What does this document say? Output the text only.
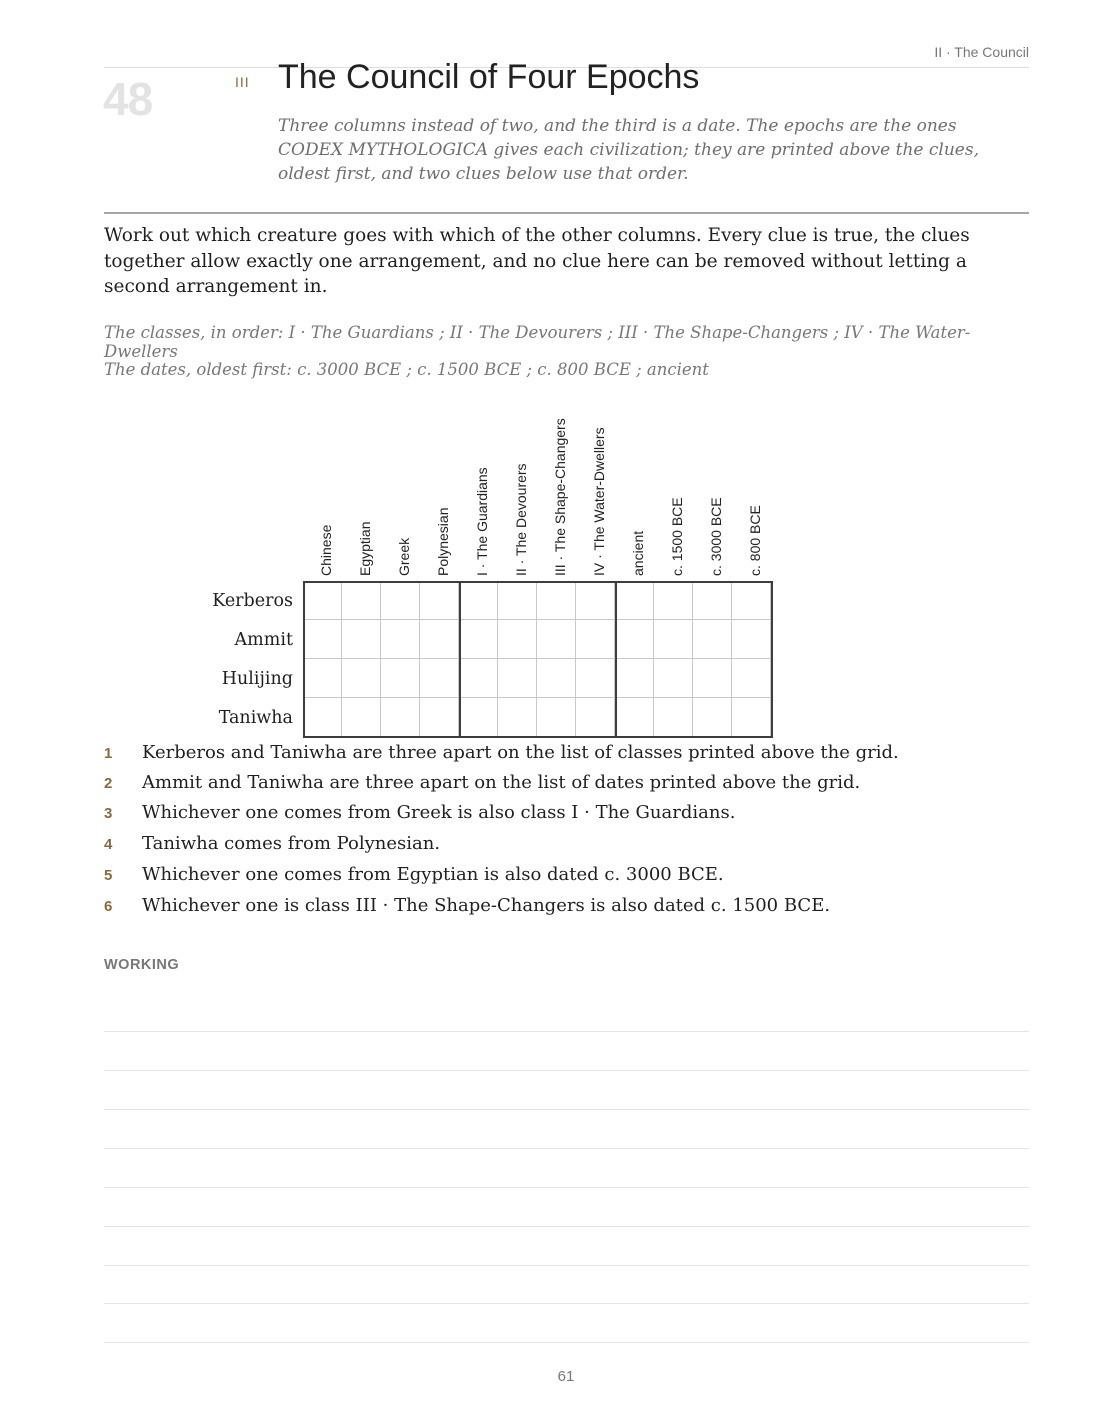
II · The Council
48	III The Council of Four Epochs
Three columns instead of two, and the third is a date. The epochs are the ones CODEX MYTHOLOGICA gives each civilization; they are printed above the clues, oldest first, and two clues below use that order.
Work out which creature goes with which of the other columns. Every clue is true, the clues together allow exactly one arrangement, and no clue here can be removed without letting a second arrangement in.
The classes, in order: I · The Guardians ; II · The Devourers ; III · The Shape-Changers ; IV · The Water-Dwellers
The dates, oldest first: c. 3000 BCE ; c. 1500 BCE ; c. 800 BCE ; ancient
Chinese Egyptian Greek Polynesian I · The Guardians II · The Devourers III · The Shape-Changers IV · The Water-Dwellers ancient c. 1500 BCE c. 3000 BCE c. 800 BCE
Kerberos
Ammit
Hulijing
Taniwha
1 Kerberos and Taniwha are three apart on the list of classes printed above the grid.
2 Ammit and Taniwha are three apart on the list of dates printed above the grid.
3 Whichever one comes from Greek is also class I · The Guardians.
4 Taniwha comes from Polynesian.
5 Whichever one comes from Egyptian is also dated c. 3000 BCE.
6 Whichever one is class III · The Shape-Changers is also dated c. 1500 BCE.
WORKING
61
